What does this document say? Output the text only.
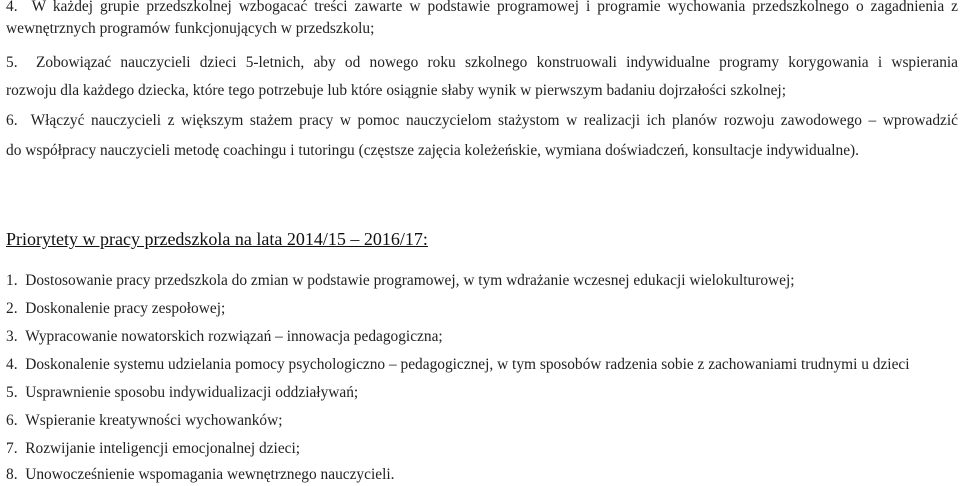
4.  W każdej grupie przedszkolnej wzbogacać treści zawarte w podstawie programowej i programie wychowania przedszkolnego o zagadnienia z
wewnętrznych programów funkcjonujących w przedszkolu;
5.  Zobowiązać nauczycieli dzieci 5-letnich, aby od nowego roku szkolnego konstruowali indywidualne programy korygowania i wspierania
rozwoju dla każdego dziecka, które tego potrzebuje lub które osiągnie słaby wynik w pierwszym badaniu dojrzałości szkolnej;
6.  Włączyć nauczycieli z większym stażem pracy w pomoc nauczycielom stażystom w realizacji ich planów rozwoju zawodowego – wprowadzić
do współpracy nauczycieli metodę coachingu i tutoringu (częstsze zajęcia koleżeńskie, wymiana doświadczeń, konsultacje indywidualne).
Priorytety w pracy przedszkola na lata 2014/15 – 2016/17:
1.  Dostosowanie pracy przedszkola do zmian w podstawie programowej, w tym wdrażanie wczesnej edukacji wielokulturowej;
2.  Doskonalenie pracy zespołowej;
3.  Wypracowanie nowatorskich rozwiązań – innowacja pedagogiczna;
4.  Doskonalenie systemu udzielania pomocy psychologiczno – pedagogicznej, w tym sposobów radzenia sobie z zachowaniami trudnymi u dzieci
5.  Usprawnienie sposobu indywidualizacji oddziaływań;
6.  Wspieranie kreatywności wychowanków;
7.  Rozwijanie inteligencji emocjonalnej dzieci;
8.  Unowocześnienie wspomagania wewnętrznego nauczycieli.
